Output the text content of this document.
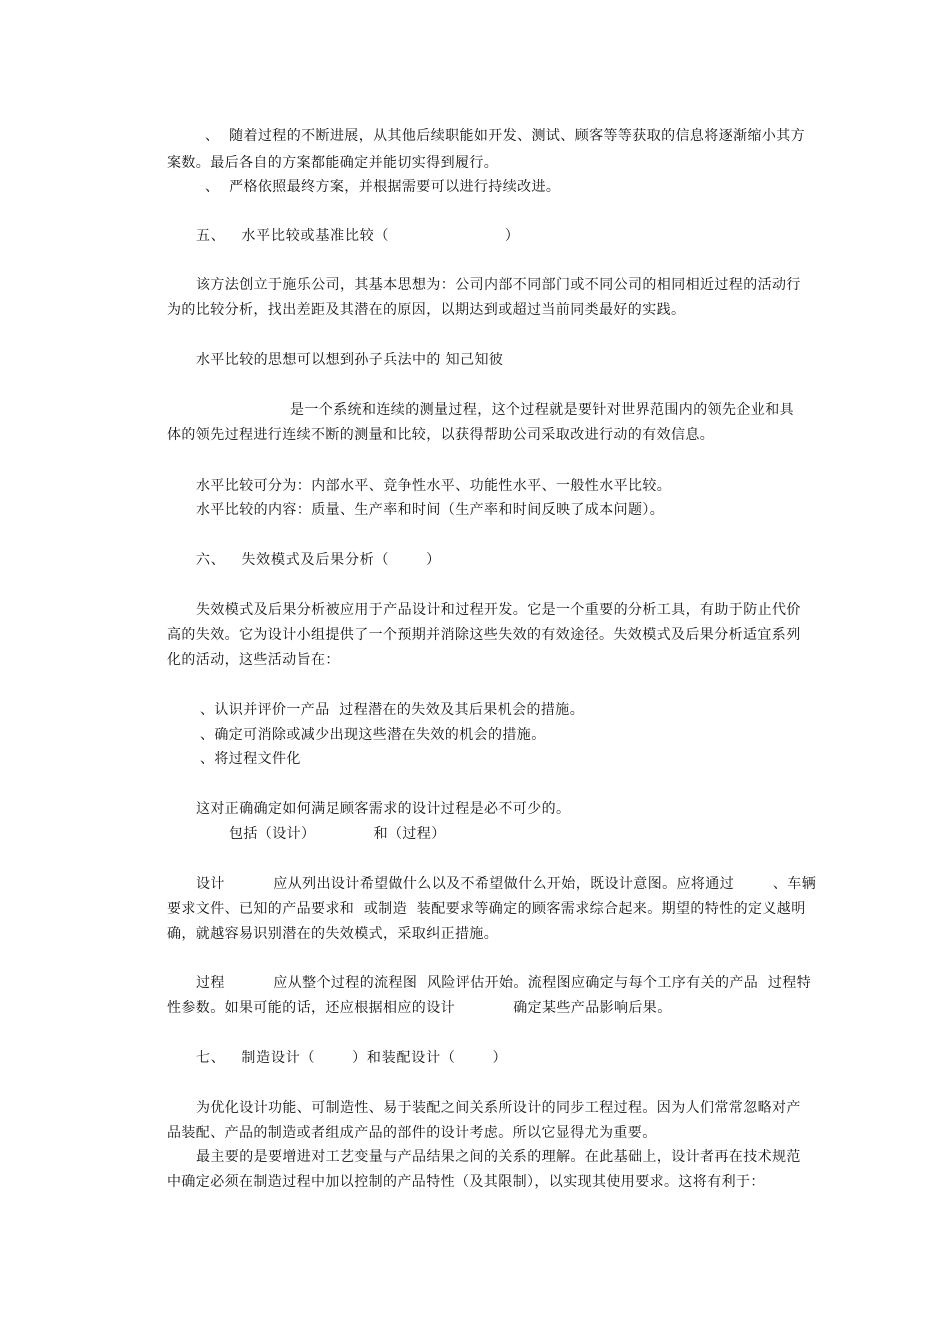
、  随着过程的不断进展，从其他后续职能如开发、测试、顾客等等获取的信息将逐渐缩小其方
案数。最后各自的方案都能确定并能切实得到履行。
、  严格依照最终方案，并根据需要可以进行持续改进。
五、   水平比较或基准比较（                      ）
该方法创立于施乐公司，其基本思想为：公司内部不同部门或不同公司的相同相近过程的活动行
为的比较分析，找出差距及其潜在的原因，以期达到或超过当前同类最好的实践。
水平比较的思想可以想到孙子兵法中的 知己知彼
是一个系统和连续的测量过程，这个过程就是要针对世界范围内的领先企业和具
体的领先过程进行连续不断的测量和比较，以获得帮助公司采取改进行动的有效信息。
水平比较可分为：内部水平、竞争性水平、功能性水平、一般性水平比较。
水平比较的内容：质量、生产率和时间（生产率和时间反映了成本问题）。
六、   失效模式及后果分析（       ）
失效模式及后果分析被应用于产品设计和过程开发。它是一个重要的分析工具，有助于防止代价
高的失效。它为设计小组提供了一个预期并消除这些失效的有效途径。失效模式及后果分析适宜系列
化的活动，这些活动旨在：
、认识并评价一产品  过程潜在的失效及其后果机会的措施。
、确定可消除或减少出现这些潜在失效的机会的措施。
、将过程文件化
这对正确确定如何满足顾客需求的设计过程是必不可少的。
包括（设计）            和（过程）
设计          应从列出设计希望做什么以及不希望做什么开始，既设计意图。应将通过        、车辆
要求文件、已知的产品要求和  或制造  装配要求等确定的顾客需求综合起来。期望的特性的定义越明
确，就越容易识别潜在的失效模式，采取纠正措施。
过程          应从整个过程的流程图  风险评估开始。流程图应确定与每个工序有关的产品  过程特
性参数。如果可能的话，还应根据相应的设计            确定某些产品影响后果。
七、   制造设计（       ）和装配设计（       ）
为优化设计功能、可制造性、易于装配之间关系所设计的同步工程过程。因为人们常常忽略对产
品装配、产品的制造或者组成产品的部件的设计考虑。所以它显得尤为重要。
最主要的是要增进对工艺变量与产品结果之间的关系的理解。在此基础上，设计者再在技术规范
中确定必须在制造过程中加以控制的产品特性（及其限制），以实现其使用要求。这将有利于：
